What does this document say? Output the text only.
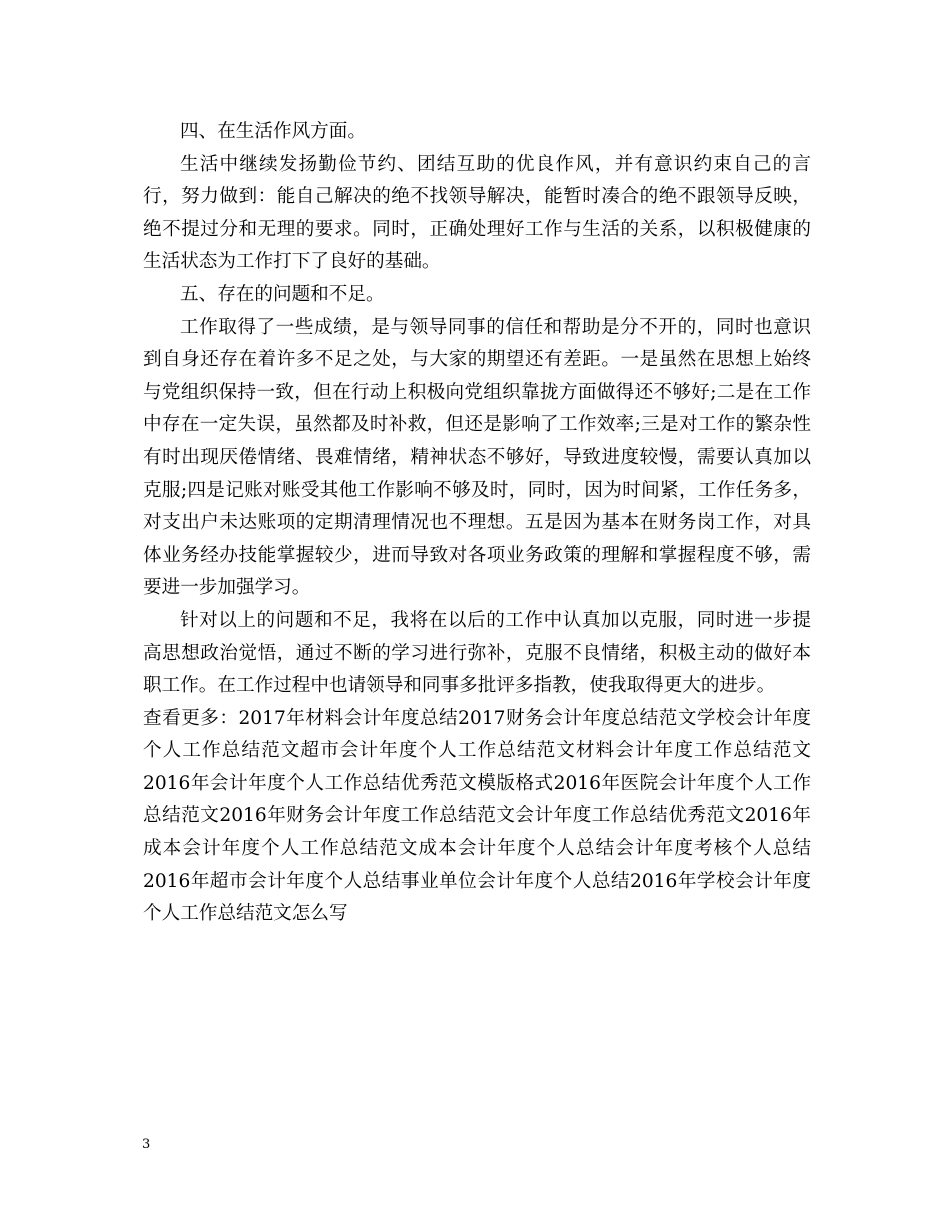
四、在生活作风方面。

生活中继续发扬勤俭节约、团结互助的优良作风，并有意识约束自己的言行，努力做到：能自己解决的绝不找领导解决，能暂时凑合的绝不跟领导反映，绝不提过分和无理的要求。同时，正确处理好工作与生活的关系，以积极健康的生活状态为工作打下了良好的基础。

五、存在的问题和不足。

工作取得了一些成绩，是与领导同事的信任和帮助是分不开的，同时也意识到自身还存在着许多不足之处，与大家的期望还有差距。一是虽然在思想上始终与党组织保持一致，但在行动上积极向党组织靠拢方面做得还不够好;二是在工作中存在一定失误，虽然都及时补救，但还是影响了工作效率;三是对工作的繁杂性有时出现厌倦情绪、畏难情绪，精神状态不够好，导致进度较慢，需要认真加以克服;四是记账对账受其他工作影响不够及时，同时，因为时间紧，工作任务多，对支出户未达账项的定期清理情况也不理想。五是因为基本在财务岗工作，对具体业务经办技能掌握较少，进而导致对各项业务政策的理解和掌握程度不够，需要进一步加强学习。

针对以上的问题和不足，我将在以后的工作中认真加以克服，同时进一步提高思想政治觉悟，通过不断的学习进行弥补，克服不良情绪，积极主动的做好本职工作。在工作过程中也请领导和同事多批评多指教，使我取得更大的进步。

查看更多：2017年材料会计年度总结2017财务会计年度总结范文学校会计年度个人工作总结范文超市会计年度个人工作总结范文材料会计年度工作总结范文2016年会计年度个人工作总结优秀范文模版格式2016年医院会计年度个人工作总结范文2016年财务会计年度工作总结范文会计年度工作总结优秀范文2016年成本会计年度个人工作总结范文成本会计年度个人总结会计年度考核个人总结2016年超市会计年度个人总结事业单位会计年度个人总结2016年学校会计年度个人工作总结范文怎么写

3
